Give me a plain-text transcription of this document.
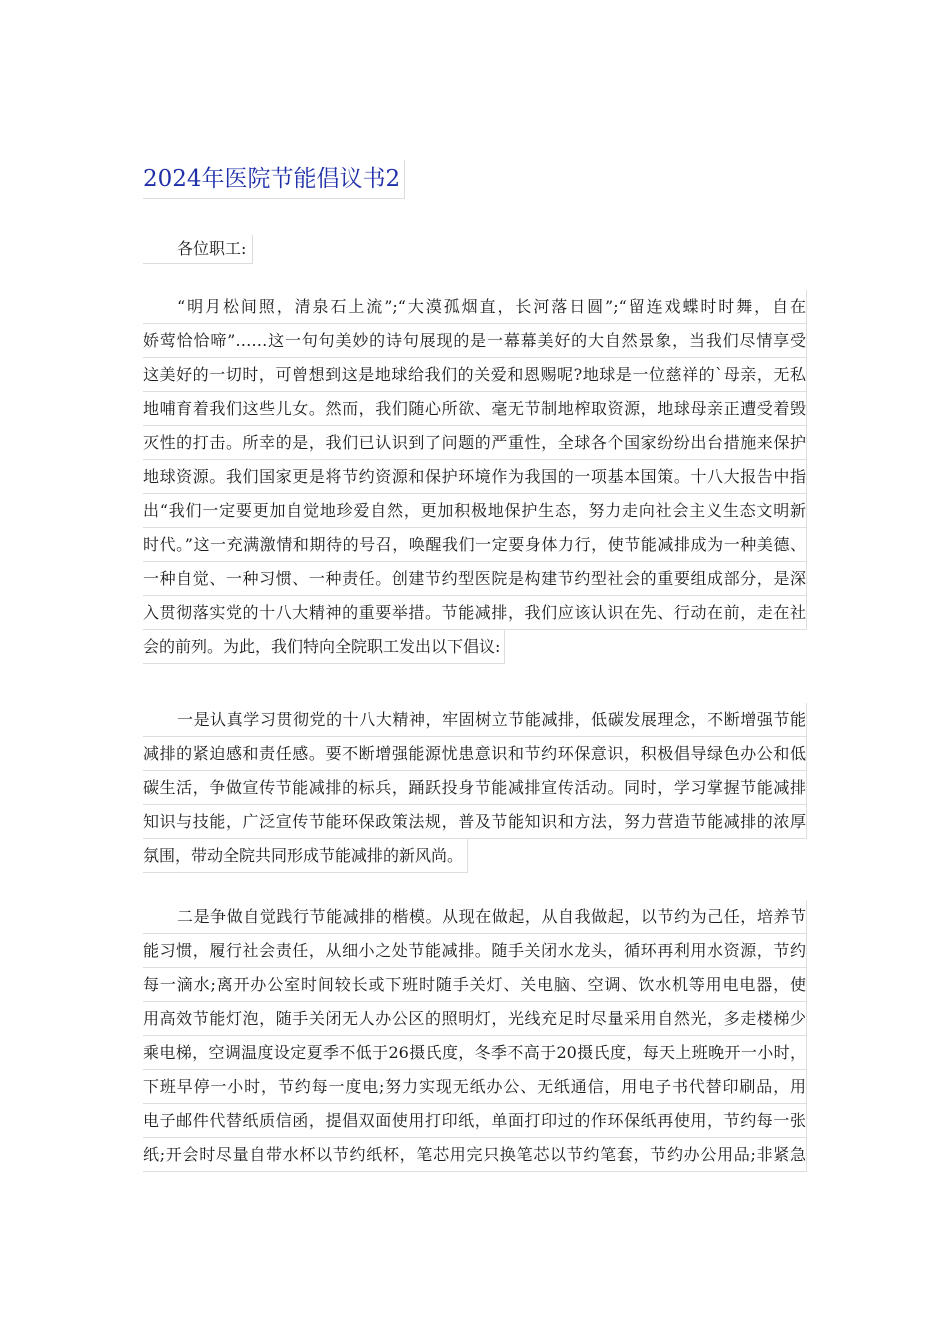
2024年医院节能倡议书2
各位职工:
“明月松间照，清泉石上流”;“大漠孤烟直，长河落日圆”;“留连戏蝶时时舞，自在
娇莺恰恰啼”……这一句句美妙的诗句展现的是一幕幕美好的大自然景象，当我们尽情享受
这美好的一切时，可曾想到这是地球给我们的关爱和恩赐呢?地球是一位慈祥的`母亲，无私
地哺育着我们这些儿女。然而，我们随心所欲、毫无节制地榨取资源，地球母亲正遭受着毁
灭性的打击。所幸的是，我们已认识到了问题的严重性，全球各个国家纷纷出台措施来保护
地球资源。我们国家更是将节约资源和保护环境作为我国的一项基本国策。十八大报告中指
出“我们一定要更加自觉地珍爱自然，更加积极地保护生态，努力走向社会主义生态文明新
时代。”这一充满激情和期待的号召，唤醒我们一定要身体力行，使节能减排成为一种美德、
一种自觉、一种习惯、一种责任。创建节约型医院是构建节约型社会的重要组成部分，是深
入贯彻落实党的十八大精神的重要举措。节能减排，我们应该认识在先、行动在前，走在社
会的前列。为此，我们特向全院职工发出以下倡议:

一是认真学习贯彻党的十八大精神，牢固树立节能减排，低碳发展理念，不断增强节能
减排的紧迫感和责任感。要不断增强能源忧患意识和节约环保意识，积极倡导绿色办公和低
碳生活，争做宣传节能减排的标兵，踊跃投身节能减排宣传活动。同时，学习掌握节能减排
知识与技能，广泛宣传节能环保政策法规，普及节能知识和方法，努力营造节能减排的浓厚
氛围，带动全院共同形成节能减排的新风尚。

二是争做自觉践行节能减排的楷模。从现在做起，从自我做起，以节约为己任，培养节
能习惯，履行社会责任，从细小之处节能减排。随手关闭水龙头，循环再利用水资源，节约
每一滴水;离开办公室时间较长或下班时随手关灯、关电脑、空调、饮水机等用电电器，使
用高效节能灯泡，随手关闭无人办公区的照明灯，光线充足时尽量采用自然光，多走楼梯少
乘电梯，空调温度设定夏季不低于26摄氏度，冬季不高于20摄氏度，每天上班晚开一小时，
下班早停一小时，节约每一度电;努力实现无纸办公、无纸通信，用电子书代替印刷品，用
电子邮件代替纸质信函，提倡双面使用打印纸，单面打印过的作环保纸再使用，节约每一张
纸;开会时尽量自带水杯以节约纸杯，笔芯用完只换笔芯以节约笔套，节约办公用品;非紧急
